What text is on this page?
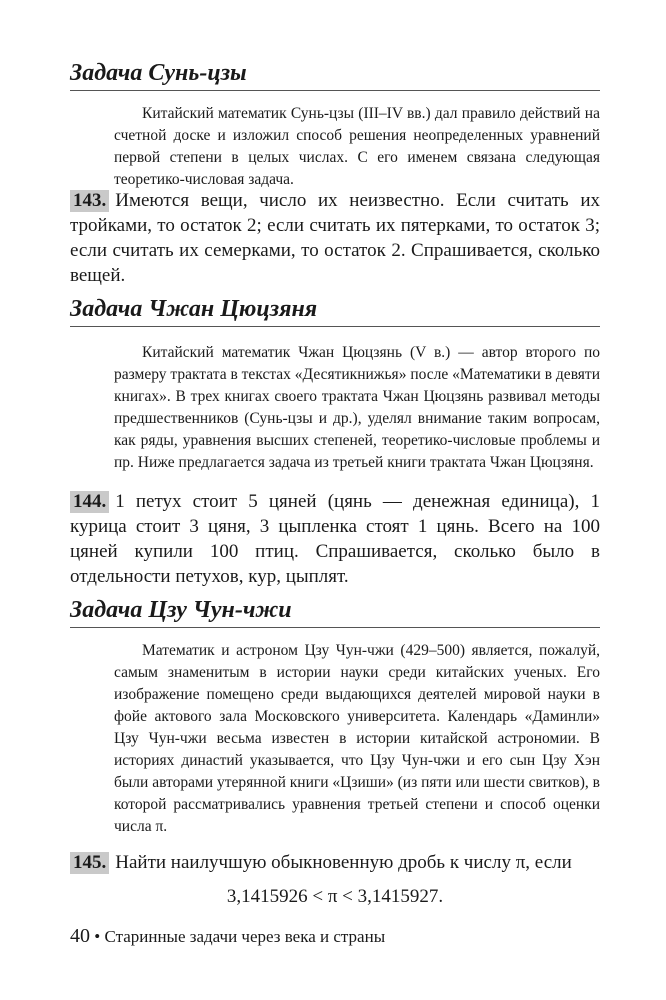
Задача Сунь-цзы

Китайский математик Сунь-цзы (III–IV вв.) дал правило действий на счетной доске и изложил способ решения неопределенных уравнений первой степени в целых числах. С его именем связана следующая теоретико-числовая задача.

143. Имеются вещи, число их неизвестно. Если считать их тройками, то остаток 2; если считать их пятерками, то остаток 3; если считать их семерками, то остаток 2. Спрашивается, сколько вещей.

Задача Чжан Цюцзяня

Китайский математик Чжан Цюцзянь (V в.) — автор второго по размеру трактата в текстах «Десятикнижья» после «Математики в девяти книгах». В трех книгах своего трактата Чжан Цюцзянь развивал методы предшественников (Сунь-цзы и др.), уделял внимание таким вопросам, как ряды, уравнения высших степеней, теоретико-числовые проблемы и пр. Ниже предлагается задача из третьей книги трактата Чжан Цюцзяня.

144. 1 петух стоит 5 цяней (цянь — денежная единица), 1 курица стоит 3 цяня, 3 цыпленка стоят 1 цянь. Всего на 100 цяней купили 100 птиц. Спрашивается, сколько было в отдельности петухов, кур, цыплят.

Задача Цзу Чун-чжи

Математик и астроном Цзу Чун-чжи (429–500) является, пожалуй, самым знаменитым в истории науки среди китайских ученых. Его изображение помещено среди выдающихся деятелей мировой науки в фойе актового зала Московского университета. Календарь «Даминли» Цзу Чун-чжи весьма известен в истории китайской астрономии. В историях династий указывается, что Цзу Чун-чжи и его сын Цзу Хэн были авторами утерянной книги «Цзиши» (из пяти или шести свитков), в которой рассматривались уравнения третьей степени и способ оценки числа π.

145. Найти наилучшую обыкновенную дробь к числу π, если

3,1415926 < π < 3,1415927.
40 • Старинные задачи через века и страны
